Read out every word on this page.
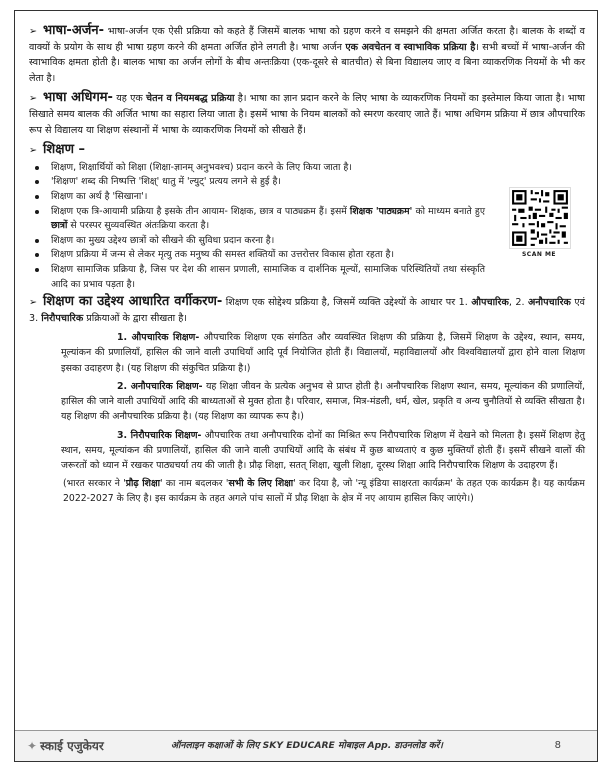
➢ भाषा-अर्जन- भाषा-अर्जन एक ऐसी प्रक्रिया को कहते हैं जिसमें बालक भाषा को ग्रहण करने व समझने की क्षमता अर्जित करता है। बालक के शब्दों व वाक्यों के प्रयोग के साथ ही भाषा ग्रहण करने की क्षमता अर्जित होने लगती है। भाषा अर्जन एक अवचेतन व स्वाभाविक प्रक्रिया है। सभी बच्चों में भाषा-अर्जन की स्वाभाविक क्षमता होती है। बालक भाषा का अर्जन लोगों के बीच अन्तःक्रिया (एक-दूसरे से बातचीत) से बिना विद्यालय जाए व बिना व्याकरणिक नियमों के भी कर लेता है।

➢ भाषा अधिगम- यह एक चेतन व नियमबद्ध प्रक्रिया है। भाषा का ज्ञान प्रदान करने के लिए भाषा के व्याकरणिक नियमों का इस्तेमाल किया जाता है। भाषा सिखाते समय बालक की अर्जित भाषा का सहारा लिया जाता है। इसमें भाषा के नियम बालकों को स्मरण करवाए जाते हैं। भाषा अधिगम प्रक्रिया में छात्र औपचारिक रूप से विद्यालय या शिक्षण संस्थानों में भाषा के व्याकरणिक नियमों को सीखते हैं।

➢ शिक्षण –

शिक्षण, शिक्षार्थियों को शिक्षा (शिक्षा-ज्ञानम् अनुभवश्च) प्रदान करने के लिए किया जाता है।
'शिक्षण' शब्द की निष्पत्ति 'शिक्ष्' धातु में 'ल्युट्' प्रत्यय लगने से हुई है।
शिक्षण का अर्थ है 'सिखाना'।
शिक्षण एक त्रि-आयामी प्रक्रिया है इसके तीन आयाम- शिक्षक, छात्र व पाठ्यक्रम हैं। इसमें शिक्षक 'पाठ्यक्रम' को माध्यम बनाते हुए छात्रों से परस्पर सुव्यवस्थित अंतःक्रिया करता है।
शिक्षण का मुख्य उद्देश्य छात्रों को सीखने की सुविधा प्रदान करना है।
शिक्षण प्रक्रिया में जन्म से लेकर मृत्यु तक मनुष्य की समस्त शक्तियों का उत्तरोत्तर विकास होता रहता है।
शिक्षण सामाजिक प्रक्रिया है, जिस पर देश की शासन प्रणाली, सामाजिक व दार्शनिक मूल्यों, सामाजिक परिस्थितियों तथा संस्कृति आदि का प्रभाव पड़ता है।

➢ शिक्षण का उद्देश्य आधारित वर्गीकरण- शिक्षण एक सोद्देश्य प्रक्रिया है, जिसमें व्यक्ति उद्देश्यों के आधार पर 1. औपचारिक, 2. अनौपचारिक एवं 3. निरौपचारिक प्रक्रियाओं के द्वारा सीखता है।

1. औपचारिक शिक्षण- औपचारिक शिक्षण एक संगठित और व्यवस्थित शिक्षण की प्रक्रिया है, जिसमें शिक्षण के उद्देश्य, स्थान, समय, मूल्यांकन की प्रणालियाँ, हासिल की जाने वाली उपाधियाँ आदि पूर्व नियोजित होती हैं। विद्यालयों, महाविद्यालयों और विश्वविद्यालयों द्वारा होने वाला शिक्षण इसका उदाहरण है। (यह शिक्षण की संकुचित प्रक्रिया है।)

2. अनौपचारिक शिक्षण- यह शिक्षा जीवन के प्रत्येक अनुभव से प्राप्त होती है। अनौपचारिक शिक्षण स्थान, समय, मूल्यांकन की प्रणालियों, हासिल की जाने वाली उपाधियों आदि की बाध्यताओं से मुक्त होता है। परिवार, समाज, मित्र-मंडली, धर्म, खेल, प्रकृति व अन्य चुनौतियों से व्यक्ति सीखता है। यह शिक्षण की अनौपचारिक प्रक्रिया है। (यह शिक्षण का व्यापक रूप है।)

3. निरौपचारिक शिक्षण- औपचारिक तथा अनौपचारिक दोनों का मिश्रित रूप निरौपचारिक शिक्षण में देखने को मिलता है। इसमें शिक्षण हेतु स्थान, समय, मूल्यांकन की प्रणालियों, हासिल की जाने वाली उपाधियों आदि के संबंध में कुछ बाध्यताएं व कुछ मुक्तियाँ होती हैं। इसमें सीखने वालों की जरूरतों को ध्यान में रखकर पाठ्यचर्या तय की जाती है। प्रौढ़ शिक्षा, सतत् शिक्षा, खुली शिक्षा, दूरस्थ शिक्षा आदि निरौपचारिक शिक्षण के उदाहरण हैं।

(भारत सरकार ने 'प्रौढ़ शिक्षा' का नाम बदलकर 'सभी के लिए शिक्षा' कर दिया है, जो 'न्यू इंडिया साक्षरता कार्यक्रम' के तहत एक कार्यक्रम है। यह कार्यक्रम 2022-2027 के लिए है। इस कार्यक्रम के तहत अगले पांच सालों में प्रौढ़ शिक्षा के क्षेत्र में नए आयाम हासिल किए जाएंगे।)

SCAN ME
✦ स्काई एजुकेयर	ऑनलाइन कक्षाओं के लिए SKY EDUCARE मोबाइल App. डाउनलोड करें।	8
